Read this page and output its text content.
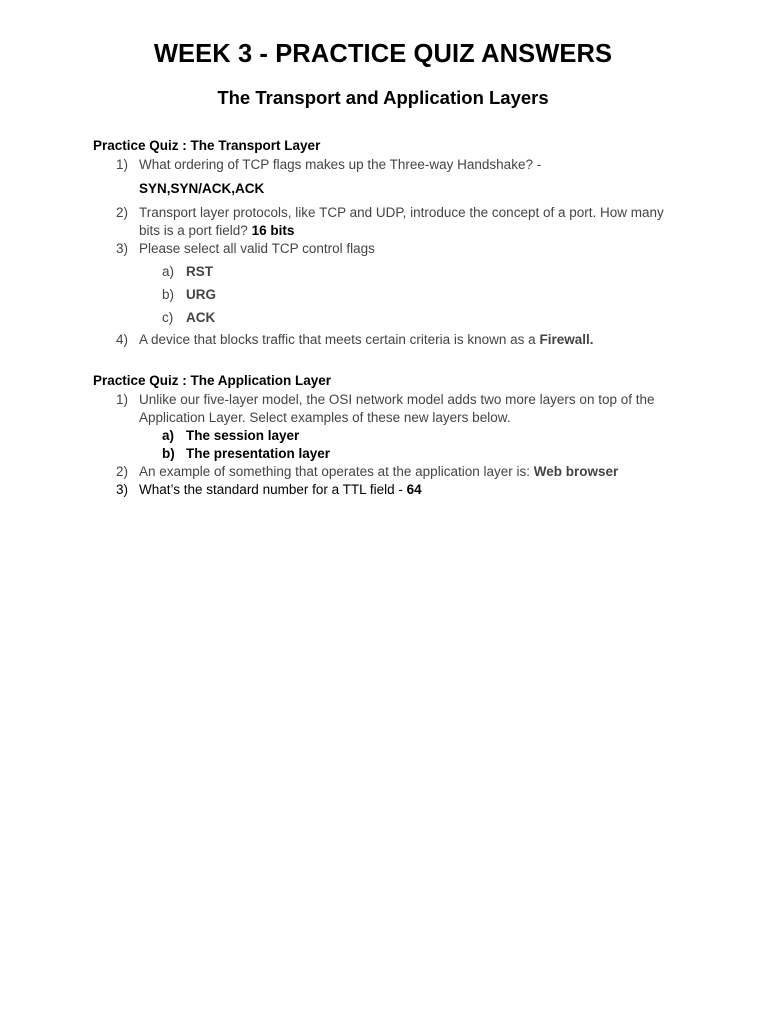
WEEK 3 - PRACTICE QUIZ ANSWERS
The Transport and Application Layers
Practice Quiz : The Transport Layer
1) What ordering of TCP flags makes up the Three-way Handshake? -
SYN,SYN/ACK,ACK
2) Transport layer protocols, like TCP and UDP, introduce the concept of a port. How many
bits is a port field? 16 bits
3) Please select all valid TCP control flags
a) RST
b) URG
c) ACK
4) A device that blocks traffic that meets certain criteria is known as a Firewall.
Practice Quiz : The Application Layer
1) Unlike our five-layer model, the OSI network model adds two more layers on top of the
Application Layer. Select examples of these new layers below.
a) The session layer
b) The presentation layer
2) An example of something that operates at the application layer is: Web browser
3) What’s the standard number for a TTL field - 64
